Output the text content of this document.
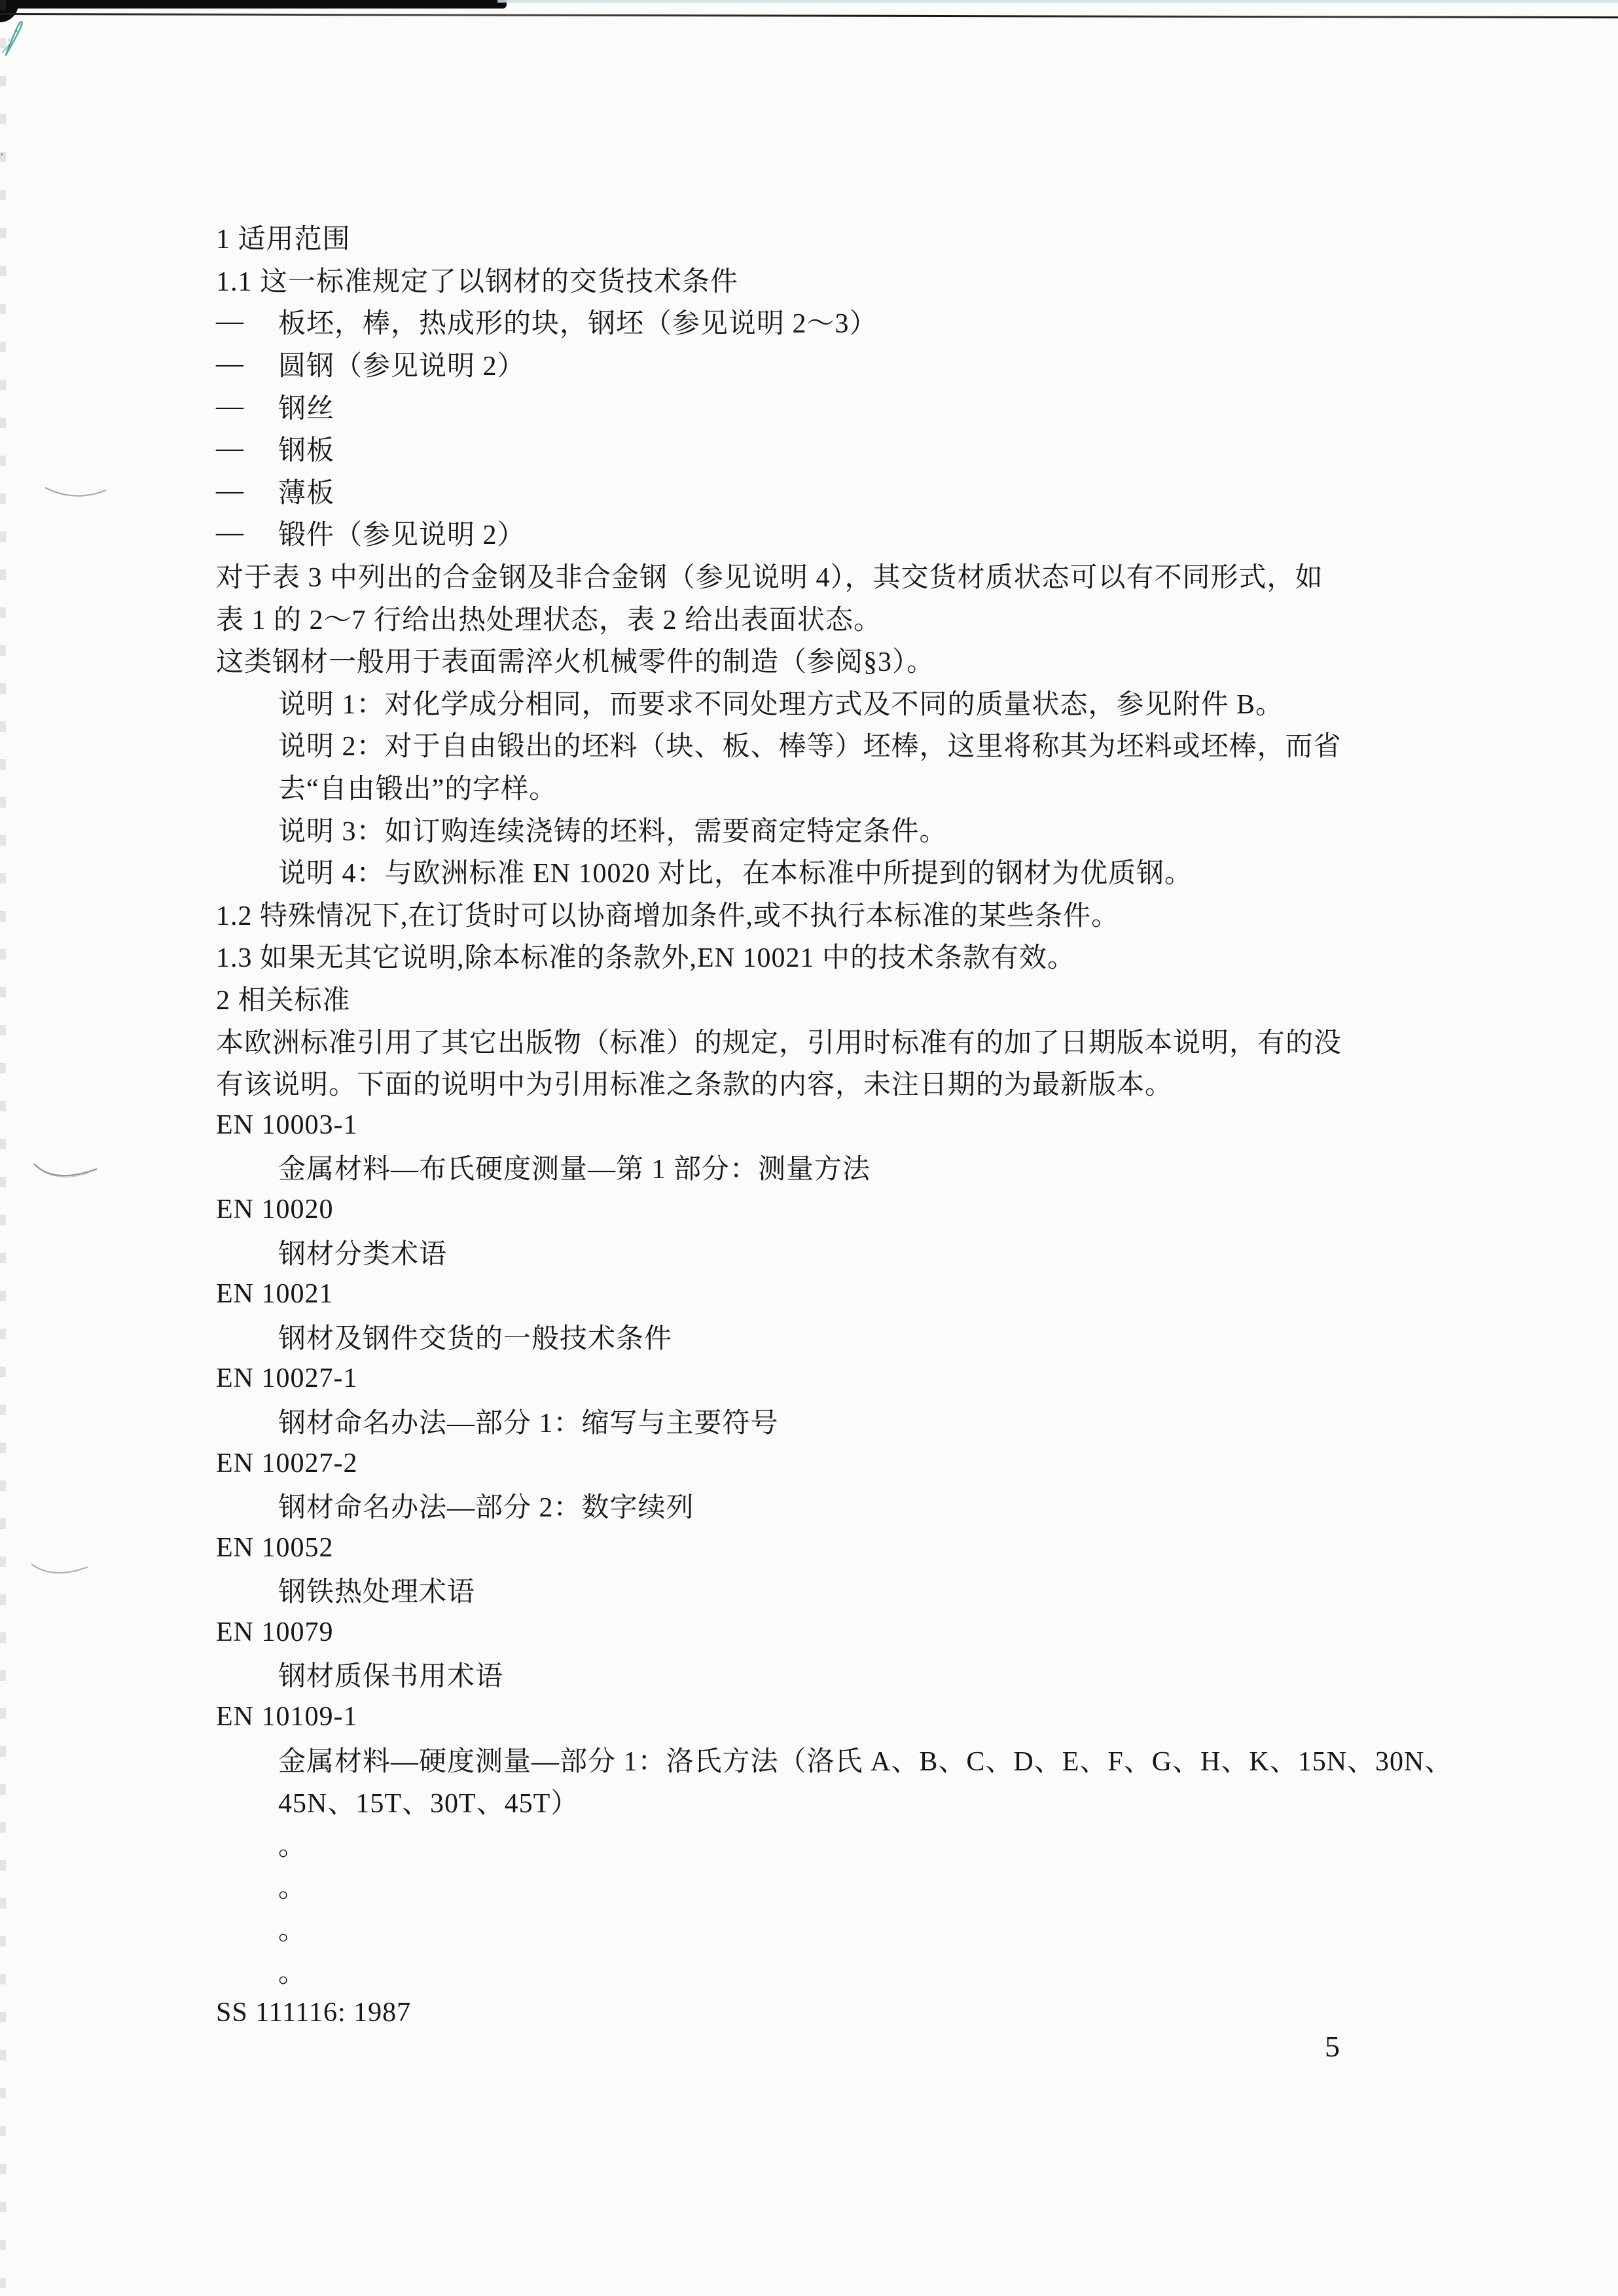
1 适用范围
1.1 这一标准规定了以钢材的交货技术条件
—	板坯，棒，热成形的块，钢坯（参见说明 2～3）
—	圆钢（参见说明 2）
—	钢丝
—	钢板
—	薄板
—	锻件（参见说明 2）
对于表 3 中列出的合金钢及非合金钢（参见说明 4），其交货材质状态可以有不同形式，如
表 1 的 2～7 行给出热处理状态，表 2 给出表面状态。
这类钢材一般用于表面需淬火机械零件的制造（参阅§3）。
说明 1：对化学成分相同，而要求不同处理方式及不同的质量状态，参见附件 B。
说明 2：对于自由锻出的坯料（块、板、棒等）坯棒，这里将称其为坯料或坯棒，而省
去“自由锻出”的字样。
说明 3：如订购连续浇铸的坯料，需要商定特定条件。
说明 4：与欧洲标准 EN 10020 对比，在本标准中所提到的钢材为优质钢。
1.2 特殊情况下,在订货时可以协商增加条件,或不执行本标准的某些条件。
1.3 如果无其它说明,除本标准的条款外,EN 10021 中的技术条款有效。
2 相关标准
本欧洲标准引用了其它出版物（标准）的规定，引用时标准有的加了日期版本说明，有的没
有该说明。下面的说明中为引用标准之条款的内容，未注日期的为最新版本。
EN 10003-1
金属材料—布氏硬度测量—第 1 部分：测量方法
EN 10020
钢材分类术语
EN 10021
钢材及钢件交货的一般技术条件
EN 10027-1
钢材命名办法—部分 1：缩写与主要符号
EN 10027-2
钢材命名办法—部分 2：数字续列
EN 10052
钢铁热处理术语
EN 10079
钢材质保书用术语
EN 10109-1
金属材料—硬度测量—部分 1：洛氏方法（洛氏 A、B、C、D、E、F、G、H、K、15N、30N、
45N、15T、30T、45T）
。
。
。
。
SS 111116: 1987
5
